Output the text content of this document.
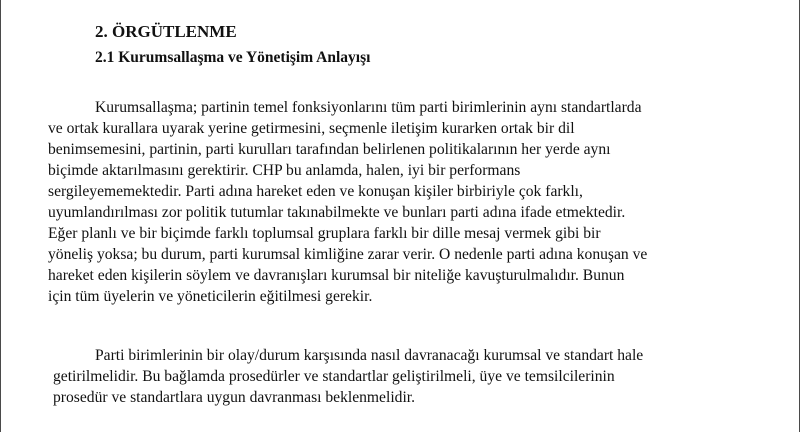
2. ÖRGÜTLENME
2.1 Kurumsallaşma ve Yönetişim Anlayışı

Kurumsallaşma; partinin temel fonksiyonlarını tüm parti birimlerinin aynı standartlarda
ve ortak kurallara uyarak yerine getirmesini, seçmenle iletişim kurarken ortak bir dil
benimsemesini, partinin, parti kurulları tarafından belirlenen politikalarının her yerde aynı
biçimde aktarılmasını gerektirir. CHP bu anlamda, halen, iyi bir performans
sergileyememektedir. Parti adına hareket eden ve konuşan kişiler birbiriyle çok farklı,
uyumlandırılması zor politik tutumlar takınabilmekte ve bunları parti adına ifade etmektedir.
Eğer planlı ve bir biçimde farklı toplumsal gruplara farklı bir dille mesaj vermek gibi bir
yöneliş yoksa; bu durum, parti kurumsal kimliğine zarar verir. O nedenle parti adına konuşan ve
hareket eden kişilerin söylem ve davranışları kurumsal bir niteliğe kavuşturulmalıdır. Bunun
için tüm üyelerin ve yöneticilerin eğitilmesi gerekir.

Parti birimlerinin bir olay/durum karşısında nasıl davranacağı kurumsal ve standart hale
getirilmelidir. Bu bağlamda prosedürler ve standartlar geliştirilmeli, üye ve temsilcilerinin
prosedür ve standartlara uygun davranması beklenmelidir.
